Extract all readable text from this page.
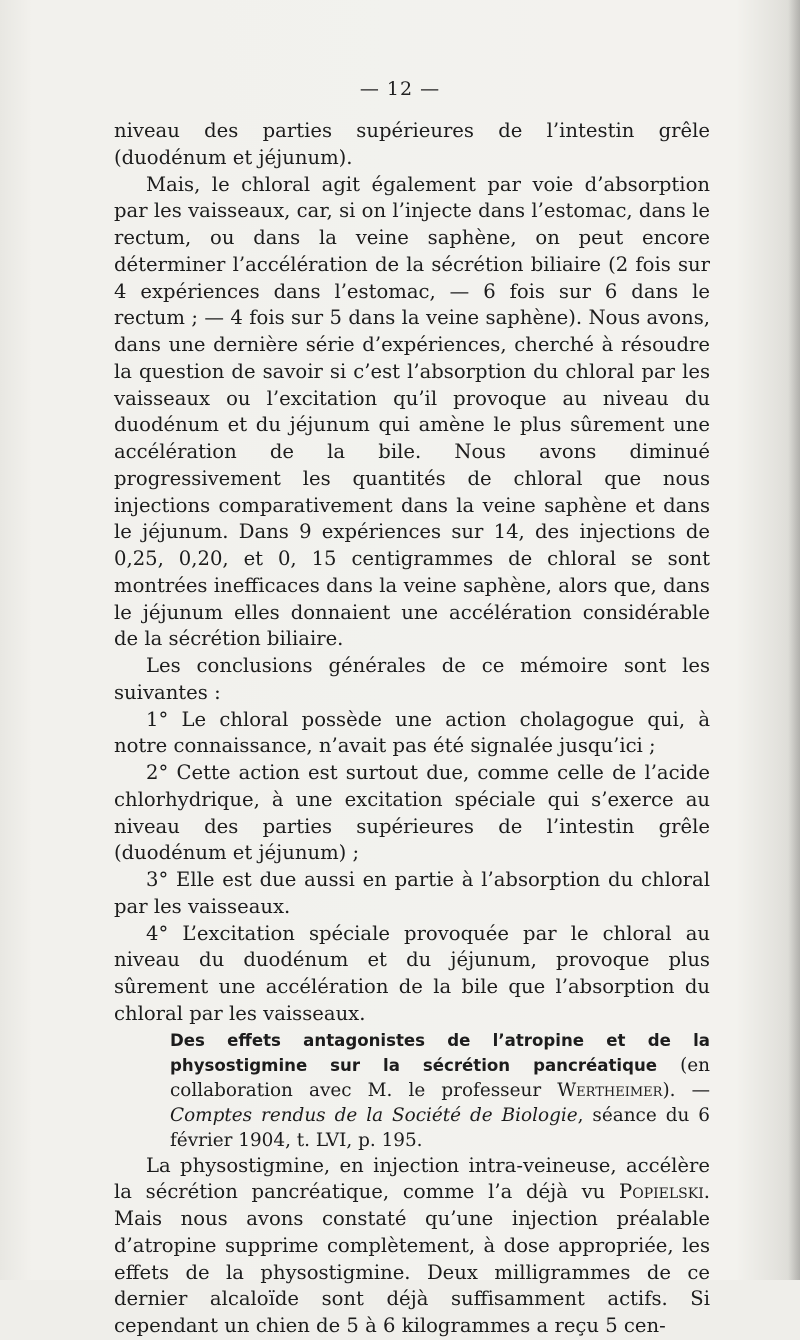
— 12 —

niveau des parties supérieures de l’intestin grêle (duodénum et jéjunum).

Mais, le chloral agit également par voie d’absorption par les vaisseaux, car, si on l’injecte dans l’estomac, dans le rectum, ou dans la veine saphène, on peut encore déterminer l’accélération de la sécrétion biliaire (2 fois sur 4 expériences dans l’estomac, — 6 fois sur 6 dans le rectum ; — 4 fois sur 5 dans la veine saphène). Nous avons, dans une dernière série d’expériences, cherché à résoudre la question de savoir si c’est l’absorption du chloral par les vaisseaux ou l’excitation qu’il provoque au niveau du duodénum et du jéjunum qui amène le plus sûrement une accélération de la bile. Nous avons diminué progressivement les quantités de chloral que nous injections comparativement dans la veine saphène et dans le jéjunum. Dans 9 expériences sur 14, des injections de 0,25, 0,20, et 0, 15 centigrammes de chloral se sont montrées inefficaces dans la veine saphène, alors que, dans le jéjunum elles donnaient une accélération considérable de la sécrétion biliaire.

Les conclusions générales de ce mémoire sont les suivantes :

1° Le chloral possède une action cholagogue qui, à notre connaissance, n’avait pas été signalée jusqu’ici ;

2° Cette action est surtout due, comme celle de l’acide chlorhydrique, à une excitation spéciale qui s’exerce au niveau des parties supérieures de l’intestin grêle (duodénum et jéjunum) ;

3° Elle est due aussi en partie à l’absorption du chloral par les vaisseaux.

4° L’excitation spéciale provoquée par le chloral au niveau du duodénum et du jéjunum, provoque plus sûrement une accélération de la bile que l’absorption du chloral par les vaisseaux.

Des effets antagonistes de l’atropine et de la physostigmine sur la sécrétion pancréatique (en collaboration avec M. le professeur Wertheimer). — Comptes rendus de la Société de Biologie, séance du 6 février 1904, t. LVI, p. 195.

La physostigmine, en injection intra-veineuse, accélère la sécrétion pancréatique, comme l’a déjà vu Popielski. Mais nous avons constaté qu’une injection préalable d’atropine supprime complètement, à dose appropriée, les effets de la physostigmine. Deux milligrammes de ce dernier alcaloïde sont déjà suffisamment actifs. Si cependant un chien de 5 à 6 kilogrammes a reçu 5 cen-
